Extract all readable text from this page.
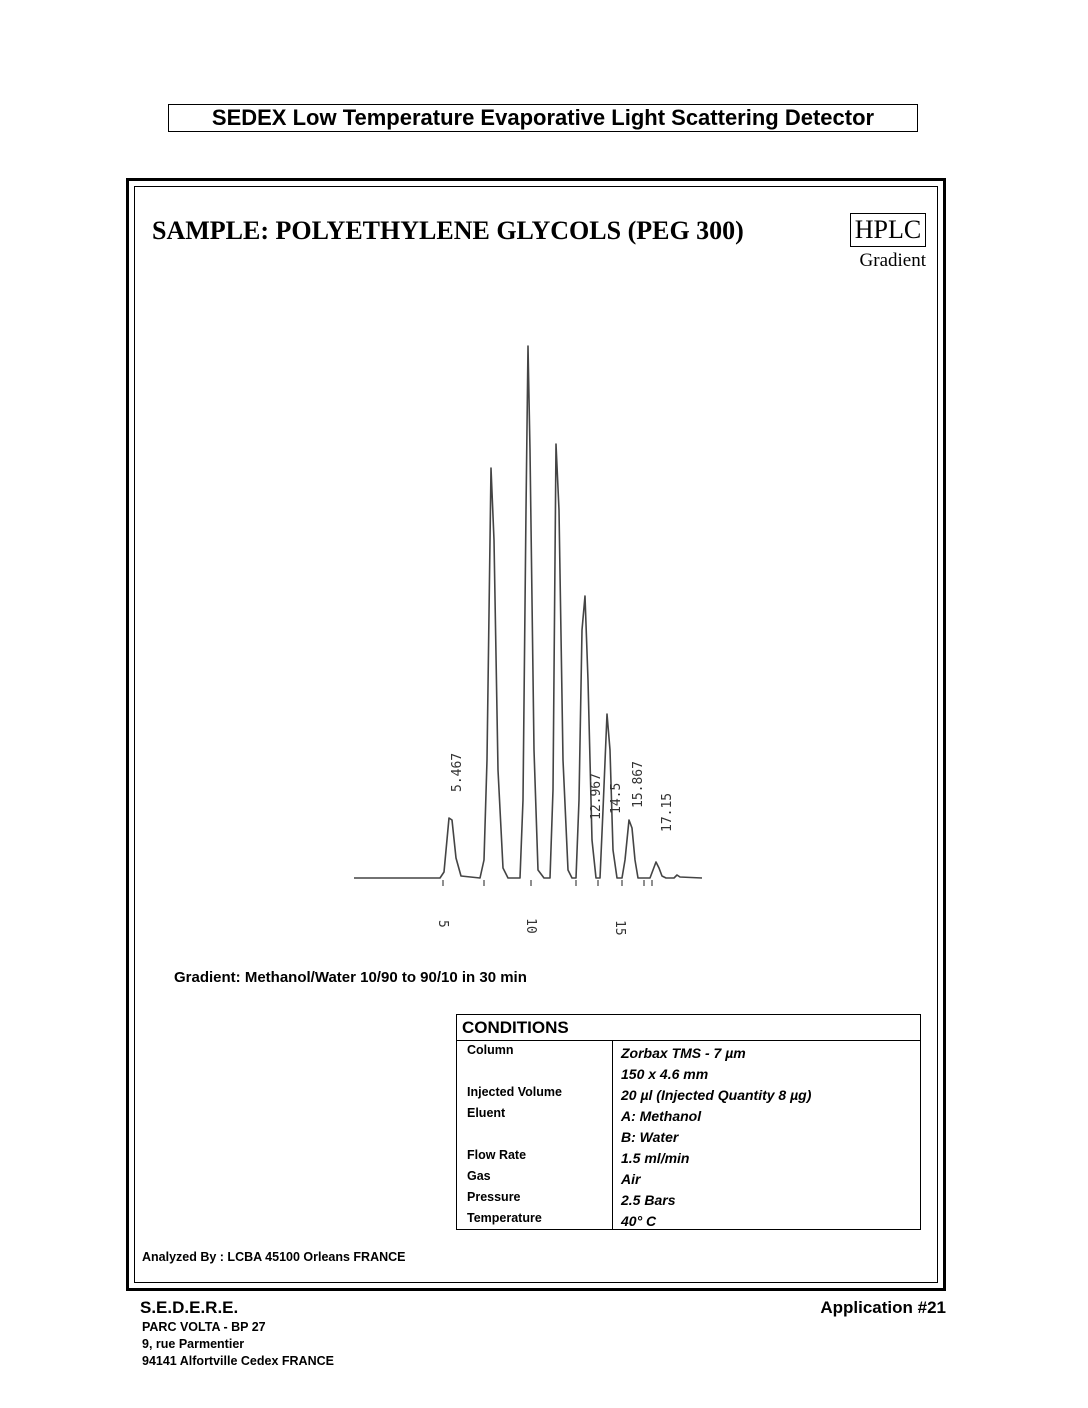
SEDEX Low Temperature Evaporative Light Scattering Detector
SAMPLE: POLYETHYLENE GLYCOLS (PEG 300)	HPLC
Gradient
5.467
12.967 14.5 15.867
17.15
5	10	15
Gradient: Methanol/Water 10/90 to 90/10 in 30 min
CONDITIONS
Column	Zorbax TMS - 7 µm
150 x 4.6 mm
Injected Volume	20 µl (Injected Quantity 8 µg)
Eluent	A: Methanol
B: Water
Flow Rate	1.5 ml/min
Gas	Air
Pressure	2.5 Bars
Temperature	40° C
Analyzed By : LCBA 45100 Orleans FRANCE
S.E.D.E.R.E.
PARC VOLTA - BP 27
9, rue Parmentier
94141 Alfortville Cedex FRANCE
Application #21
